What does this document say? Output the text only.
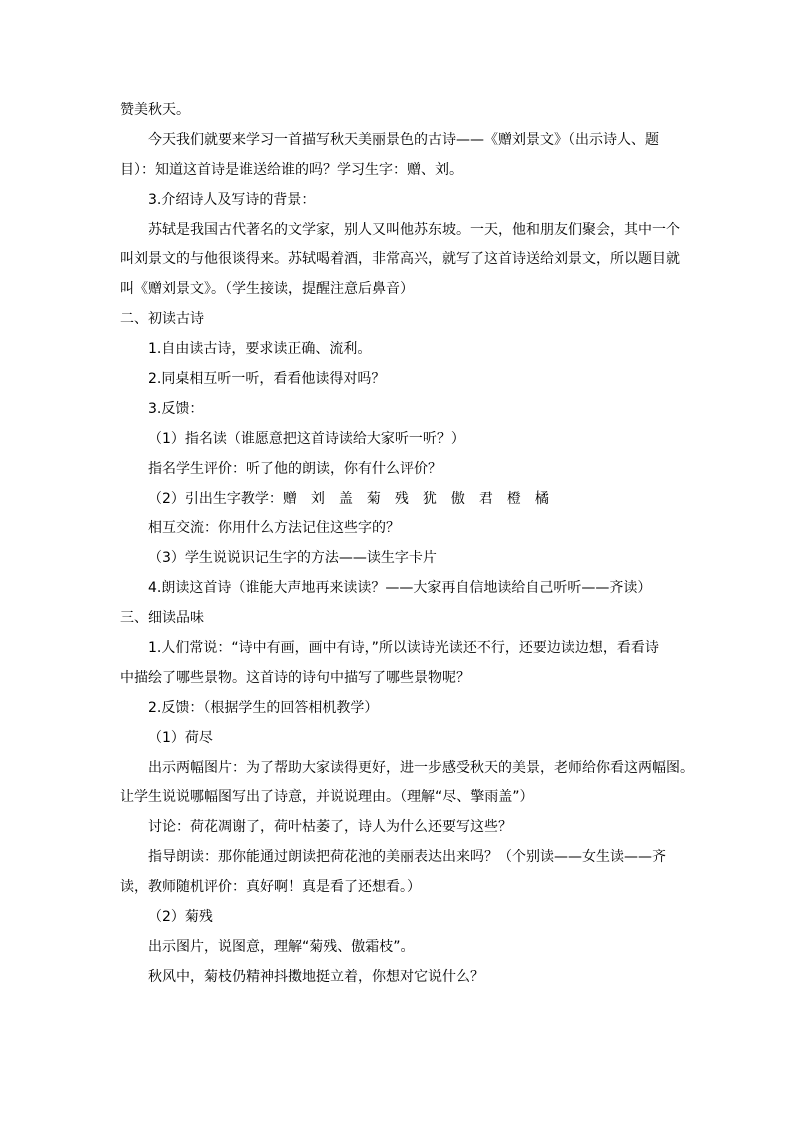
赞美秋天。

今天我们就要来学习一首描写秋天美丽景色的古诗——《赠刘景文》（出示诗人、题

目）：知道这首诗是谁送给谁的吗？学习生字：赠、刘。

3.介绍诗人及写诗的背景：

苏轼是我国古代著名的文学家，别人又叫他苏东坡。一天，他和朋友们聚会，其中一个

叫刘景文的与他很谈得来。苏轼喝着酒，非常高兴，就写了这首诗送给刘景文，所以题目就

叫《赠刘景文》。（学生接读，提醒注意后鼻音）

二、初读古诗

1.自由读古诗，要求读正确、流利。

2.同桌相互听一听，看看他读得对吗？

3.反馈：

（1）指名读（谁愿意把这首诗读给大家听一听？）

指名学生评价：听了他的朗读，你有什么评价？

（2）引出生字教学：赠　刘　盖　菊　残　犹　傲　君　橙　橘

相互交流：你用什么方法记住这些字的？

（3）学生说说识记生字的方法——读生字卡片

4.朗读这首诗（谁能大声地再来读读？——大家再自信地读给自己听听——齐读）

三、细读品味

1.人们常说：“诗中有画，画中有诗，”所以读诗光读还不行，还要边读边想，看看诗

中描绘了哪些景物。这首诗的诗句中描写了哪些景物呢？

2.反馈：（根据学生的回答相机教学）

（1）荷尽

出示两幅图片：为了帮助大家读得更好，进一步感受秋天的美景，老师给你看这两幅图。

让学生说说哪幅图写出了诗意，并说说理由。（理解“尽、擎雨盖”）

讨论：荷花凋谢了，荷叶枯萎了，诗人为什么还要写这些？

指导朗读：那你能通过朗读把荷花池的美丽表达出来吗？（个别读——女生读——齐

读，教师随机评价：真好啊！真是看了还想看。）

（2）菊残

出示图片，说图意，理解“菊残、傲霜枝”。

秋风中，菊枝仍精神抖擞地挺立着，你想对它说什么？
